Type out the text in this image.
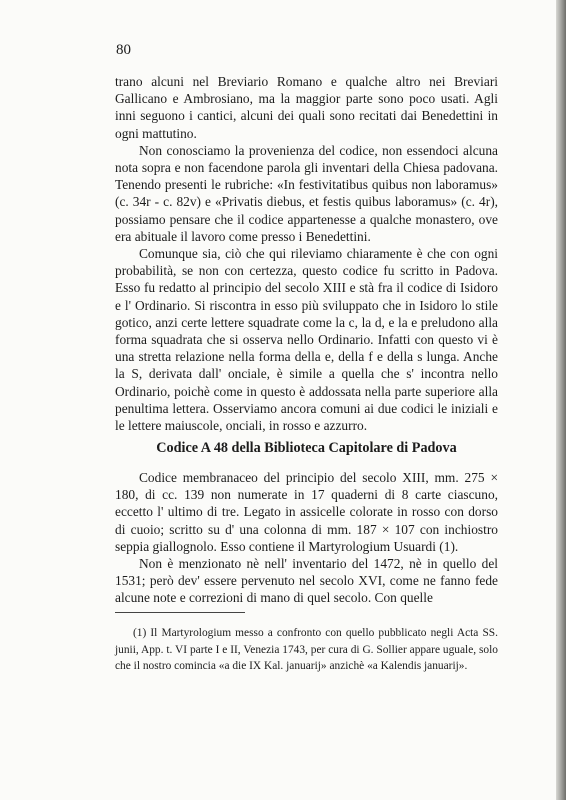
80

trano alcuni nel Breviario Romano e qualche altro nei Breviari Gallicano e Ambrosiano, ma la maggior parte sono poco usati. Agli inni seguono i cantici, alcuni dei quali sono recitati dai Benedettini in ogni mattutino.

Non conosciamo la provenienza del codice, non essendoci alcuna nota sopra e non facendone parola gli inventari della Chiesa padovana. Tenendo presenti le rubriche: «In festivitatibus quibus non laboramus» (c. 34r - c. 82v) e «Privatis diebus, et festis quibus laboramus» (c. 4r), possiamo pensare che il codice appartenesse a qualche monastero, ove era abituale il lavoro come presso i Benedettini.

Comunque sia, ciò che qui rileviamo chiaramente è che con ogni probabilità, se non con certezza, questo codice fu scritto in Padova. Esso fu redatto al principio del secolo XIII e stà fra il codice di Isidoro e l' Ordinario. Si riscontra in esso più sviluppato che in Isidoro lo stile gotico, anzi certe lettere squadrate come la c, la d, e la e preludono alla forma squadrata che si osserva nello Ordinario. Infatti con questo vi è una stretta relazione nella forma della e, della f e della s lunga. Anche la S, derivata dall' onciale, è simile a quella che s' incontra nello Ordinario, poichè come in questo è addossata nella parte superiore alla penultima lettera. Osserviamo ancora comuni ai due codici le iniziali e le lettere maiuscole, onciali, in rosso e azzurro.

Codice A 48 della Biblioteca Capitolare di Padova

Codice membranaceo del principio del secolo XIII, mm. 275 × 180, di cc. 139 non numerate in 17 quaderni di 8 carte ciascuno, eccetto l' ultimo di tre. Legato in assicelle colorate in rosso con dorso di cuoio; scritto su d' una colonna di mm. 187 × 107 con inchiostro seppia giallognolo. Esso contiene il Martyrologium Usuardi (1).

Non è menzionato nè nell' inventario del 1472, nè in quello del 1531; però dev' essere pervenuto nel secolo XVI, come ne fanno fede alcune note e correzioni di mano di quel secolo. Con quelle

(1) Il Martyrologium messo a confronto con quello pubblicato negli Acta SS. junii, App. t. VI parte I e II, Venezia 1743, per cura di G. Sollier appare uguale, solo che il nostro comincia «a die IX Kal. januarij» anzichè «a Kalendis januarij».
